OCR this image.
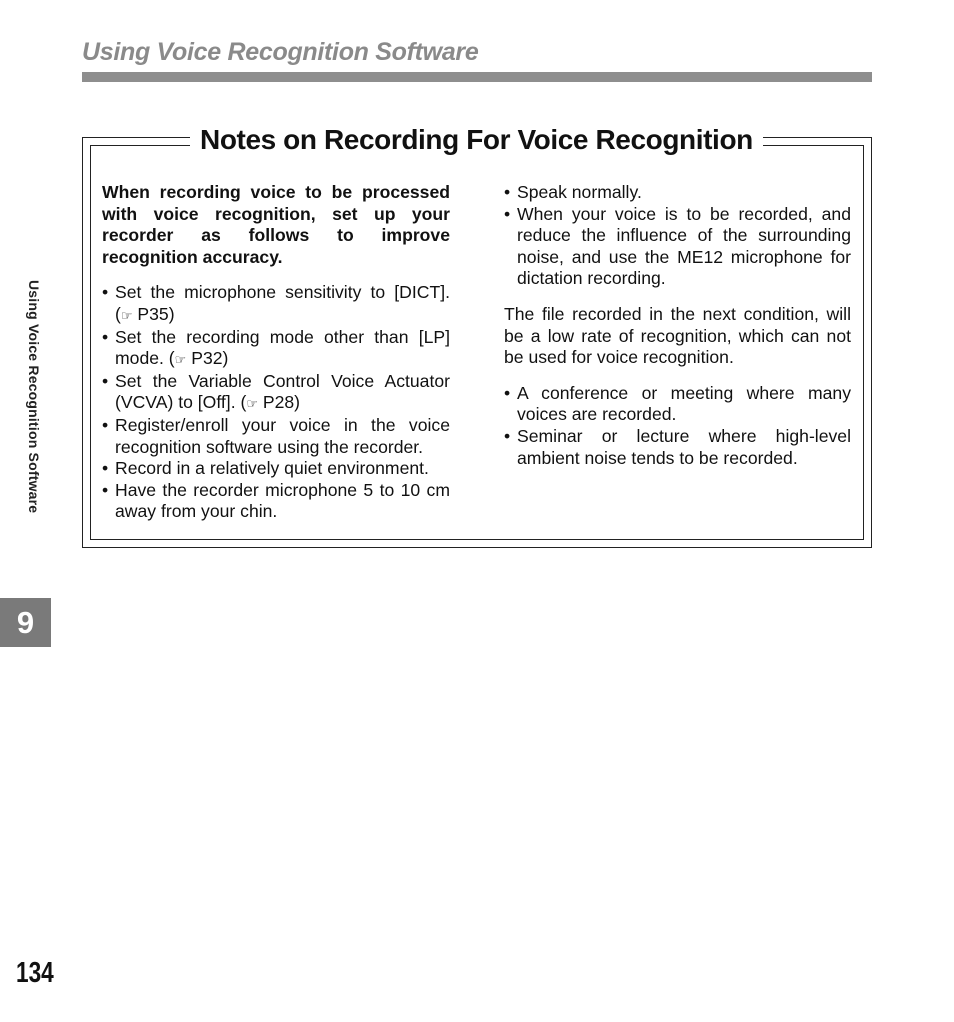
Using Voice Recognition Software
Using Voice Recognition Software
9
Notes on Recording For Voice Recognition

When recording voice to be processed with voice recognition, set up your recorder as follows to improve recognition accuracy.

• Set the microphone sensitivity to [DICT]. (☞ P35)
• Set the recording mode other than [LP] mode. (☞ P32)
• Set the Variable Control Voice Actuator (VCVA) to [Off]. (☞ P28)
• Register/enroll your voice in the voice recognition software using the recorder.
• Record in a relatively quiet environment.
• Have the recorder microphone 5 to 10 cm away from your chin.
• Speak normally.
• When your voice is to be recorded, and reduce the influence of the surrounding noise, and use the ME12 microphone for dictation recording.

The file recorded in the next condition, will be a low rate of recognition, which can not be used for voice recognition.

• A conference or meeting where many voices are recorded.
• Seminar or lecture where high-level ambient noise tends to be recorded.
134
